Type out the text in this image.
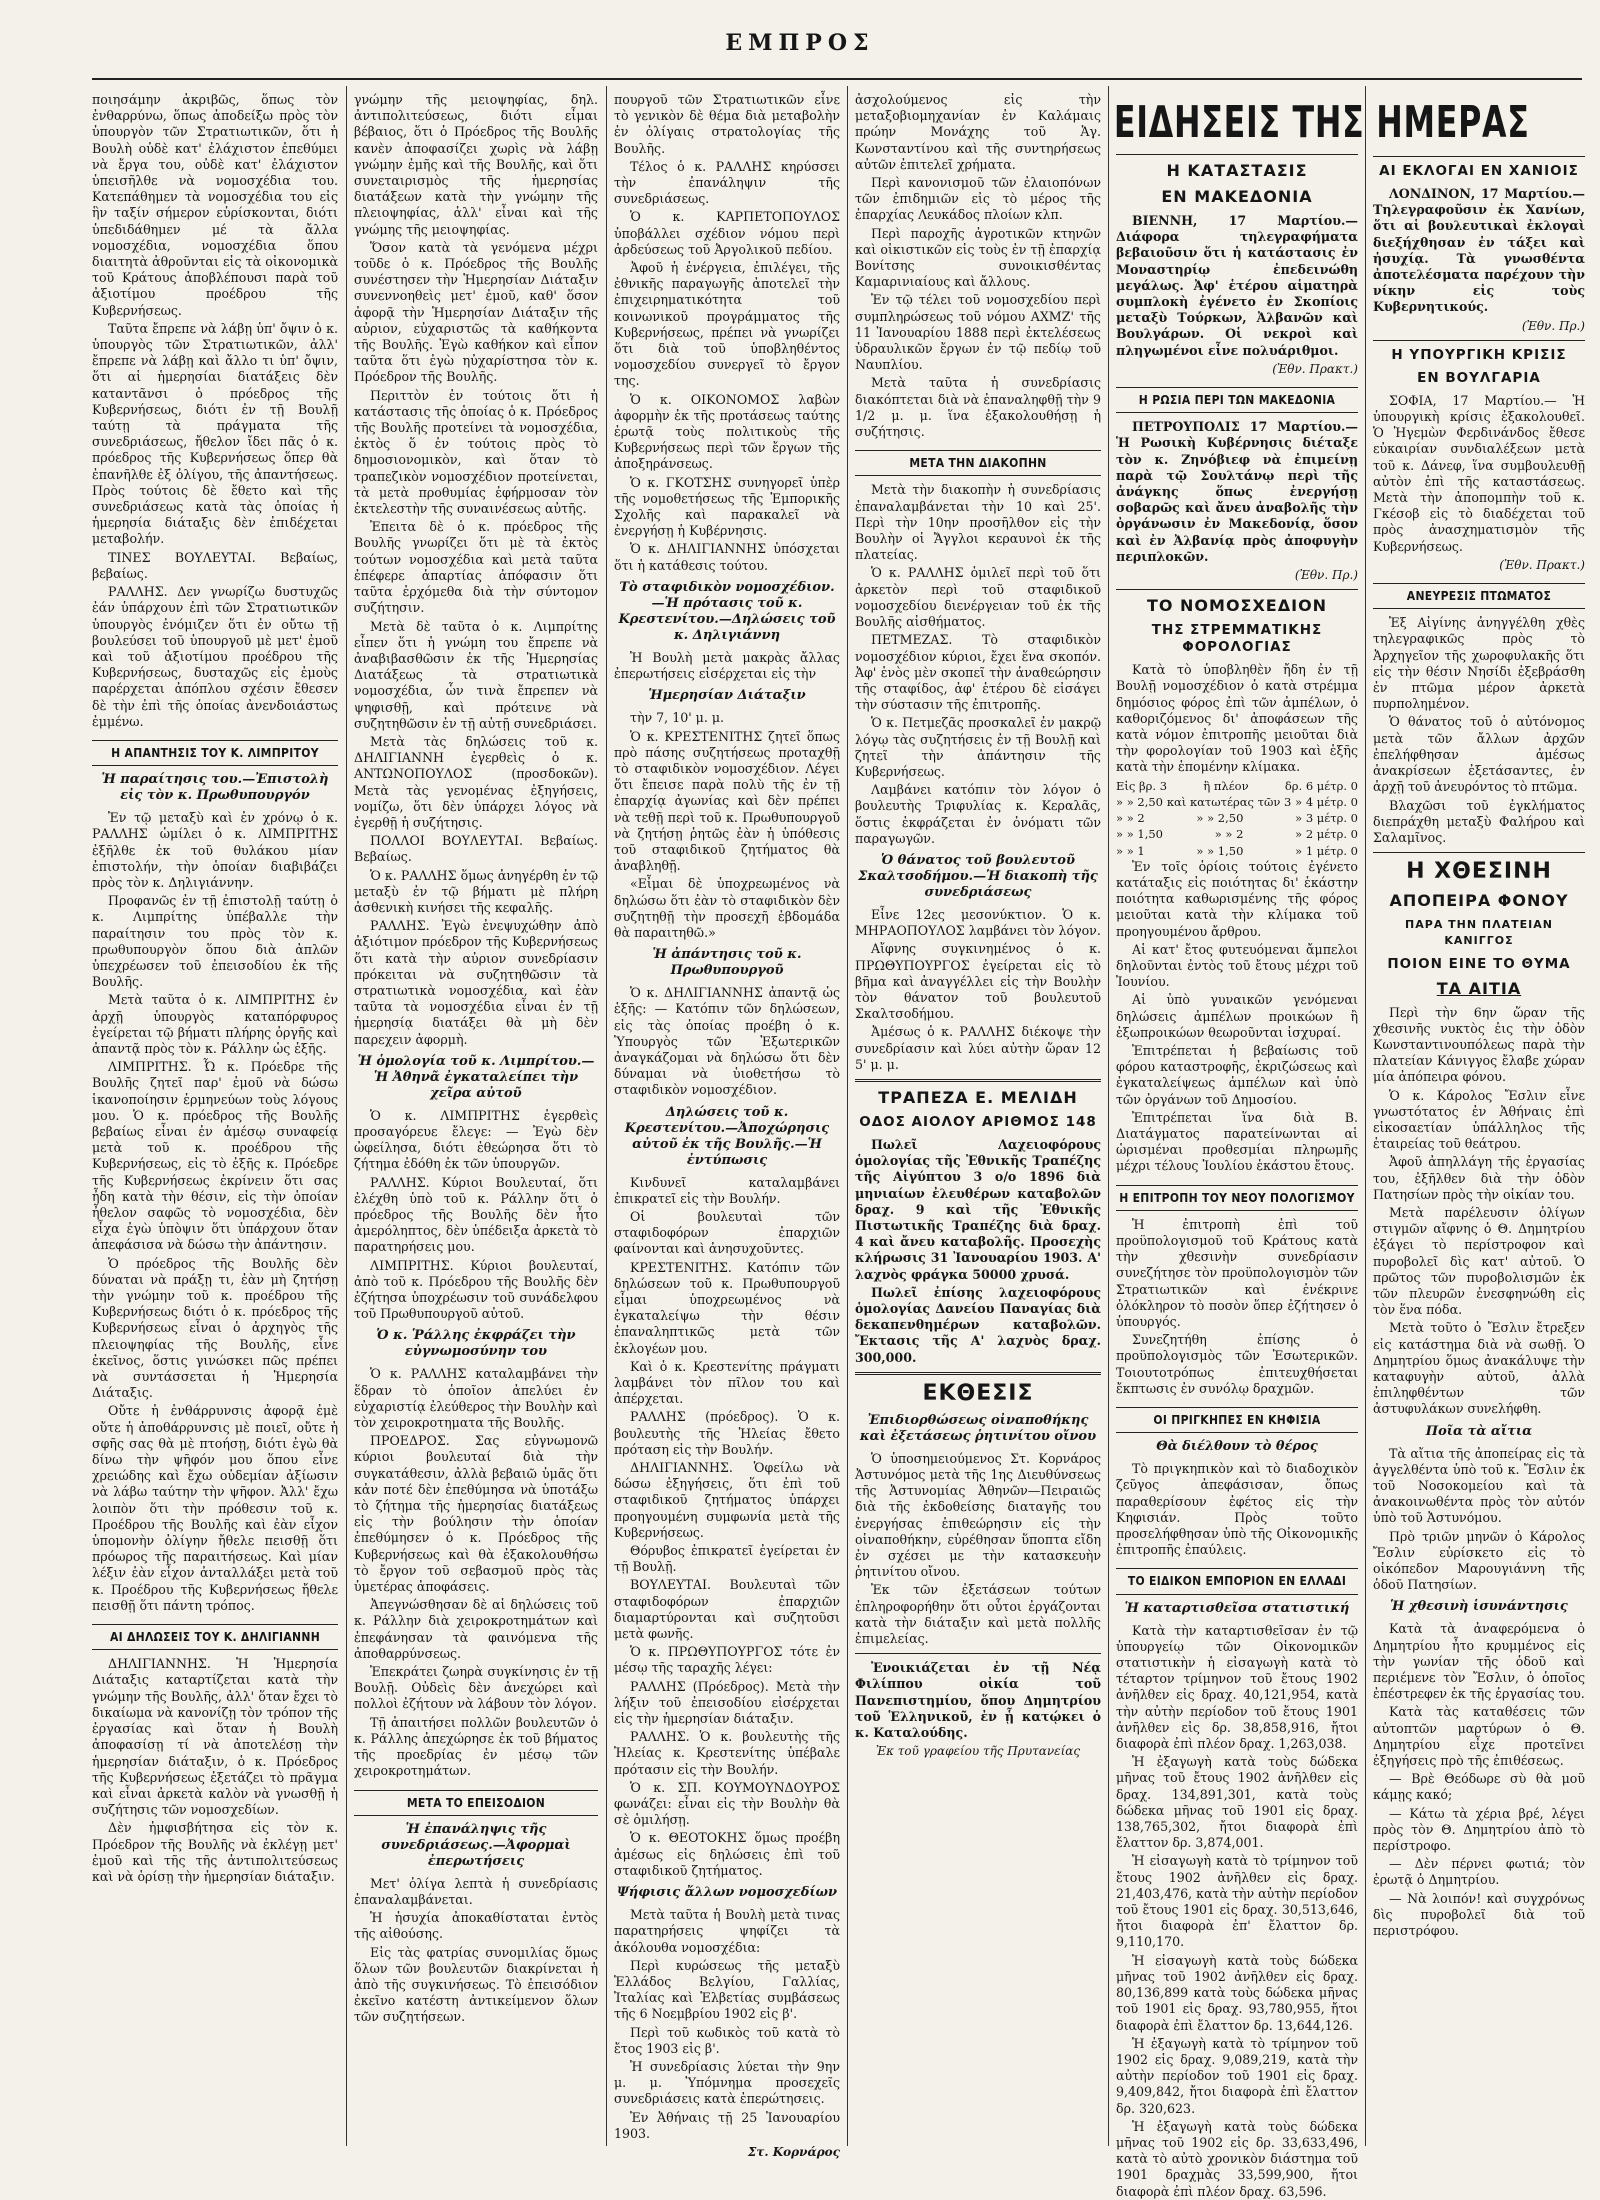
ΕΜΠΡΟΣ

ποιησάμην ἀκριβῶς, ὅπως τὸν ἐνθαρρύνω, ὅπως ἀποδείξω πρὸς τὸν ὑπουργὸν τῶν Στρατιωτικῶν, ὅτι ἡ Βουλὴ οὐδὲ κατ' ἐλάχιστον ἐπεθύμει νὰ ἔργα του, οὐδὲ κατ' ἐλάχιστον ὑπεισῆλθε νὰ νομοσχέδια του. Κατεπάθημεν τὰ νομοσχέδια του εἰς ἣν ταξίν σήμερον εὑρίσκονται, διότι ὑπεδιδάθημεν μέ τὰ ἄλλα νομοσχέδια, νομοσχέδια ὅπου διαιτητὰ ἀθροῦνται εἰς τὰ οἰκονομικὰ τοῦ Κράτους ἀποβλέπουσι παρὰ τοῦ ἀξιοτίμου προέδρου τῆς Κυβερνήσεως.

Ταῦτα ἔπρεπε νὰ λάβῃ ὑπ' ὄψιν ὁ κ. ὑπουργὸς τῶν Στρατιωτικῶν, ἀλλ' ἔπρεπε νὰ λάβῃ καὶ ἄλλο τι ὑπ' ὄψιν, ὅτι αἱ ἡμερησίαι διατάξεις δὲν καταντᾶνσι ὁ πρόεδρος τῆς Κυβερνήσεως, διότι ἐν τῇ Βουλῇ ταύτῃ τὰ πράγματα τῆς συνεδριάσεως, ἤθελον ἴδει πᾶς ὁ κ. πρόεδρος τῆς Κυβερνήσεως ὅπερ θὰ ἐπανῆλθε ἐξ ὀλίγου, τῆς ἀπαντήσεως. Πρὸς τούτοις δὲ ἔθετο καὶ τῆς συνεδριάσεως κατὰ τὰς ὁποίας ἡ ἡμερησία διάταξις δὲν ἐπιδέχεται μεταβολήν.

ΤΙΝΕΣ ΒΟΥΛΕΥΤΑΙ. Βεβαίως, βεβαίως.

ΡΑΛΛΗΣ. Δεν γνωρίζω δυστυχῶς ἐάν ὑπάρχουν ἐπὶ τῶν Στρατιωτικῶν ὑπουργὸς ἐνόμιζεν ὅτι ἐν οὔτω τῇ βουλεύσει τοῦ ὑπουργοῦ μὲ μετ' ἐμοῦ καὶ τοῦ ἀξιοτίμου προέδρου τῆς Κυβερνήσεως, δυσταχῶς εἰς ἐμοὺς παρέρχεται ἀπόπλου σχέσιν ἔθεσεν δὲ τὴν ἐπὶ τῆς ὁποίας ἀνενδοιάστως ἐμμένω.

Η ΑΠΑΝΤΗΣΙΣ ΤΟΥ Κ. ΛΙΜΠΡΙΤΟΥ
Ἡ παραίτησις του.—Ἐπιστολὴ εἰς τὸν κ. Πρωθυπουργόν

Ἐν τῷ μεταξὺ καὶ ἐν χρόνῳ ὁ κ. ΡΑΛΛΗΣ ὡμίλει ὁ κ. ΛΙΜΠΡΙΤΗΣ ἐξῆλθε ἐκ τοῦ θυλάκου μίαν ἐπιστολήν, τὴν ὁποίαν διαβιβάζει πρὸς τὸν κ. Δηλιγιάννην.

Προφανῶς ἐν τῇ ἐπιστολῇ ταύτῃ ὁ κ. Λιμπρίτης ὑπέβαλλε τὴν παραίτησιν του πρὸς τὸν κ. πρωθυπουργὸν ὅπου διὰ ἀπλῶν ὑπεχρέωσεν τοῦ ἐπεισοδίου ἐκ τῆς Βουλῆς.

Μετὰ ταῦτα ὁ κ. ΛΙΜΠΡΙΤΗΣ ἐν ἀρχῇ ὑπουργὸς καταπόρφυρος ἐγείρεται τῷ βήματι πλήρης ὀργῆς καὶ ἀπαντᾷ πρὸς τὸν κ. Ράλλην ὡς ἑξῆς.

ΛΙΜΠΡΙΤΗΣ. Ὦ κ. Πρόεδρε τῆς Βουλῆς ζητεῖ παρ' ἐμοῦ νὰ δώσω ἱκανοποίησιν ἑρμηνεύων τοὺς λόγους μου. Ὁ κ. πρόεδρος τῆς Βουλῆς βεβαίως εἶναι ἐν ἀμέσῳ συναφείᾳ μετὰ τοῦ κ. προέδρου τῆς Κυβερνήσεως, εἰς τὸ ἐξῆς κ. Πρόεδρε τῆς Κυβερνήσεως ἐκρίνειν ὅτι σας ἦδη κατὰ τὴν θέσιν, εἰς τὴν ὁποίαν ἦθελον σαφῶς τὸ νομοσχέδια, δὲν εἶχα ἐγὼ ὑπὸψιν ὅτι ὑπάρχουν ὅταν ἀπεφάσισα νὰ δώσω τὴν ἀπάντησιν.

Ὁ πρόεδρος τῆς Βουλῆς δὲν δύναται νὰ πράξῃ τι, ἐὰν μὴ ζητήσῃ τὴν γνώμην τοῦ κ. προέδρου τῆς Κυβερνήσεως διότι ὁ κ. πρόεδρος τῆς Κυβερνήσεως εἶναι ὁ ἀρχηγὸς τῆς πλειοψηφίας τῆς Βουλῆς, εἶνε ἐκεῖνος, ὅστις γινώσκει πῶς πρέπει νὰ συντάσσεται ἡ Ἡμερησία Διάταξις.

Οὔτε ἡ ἐνθάρρυνσις ἀφορᾷ ἐμὲ οὔτε ἡ ἀποθάρρυνσις μὲ ποιεῖ, οὔτε ἡ σφῆς σας θὰ μὲ πτοήσῃ, διότι ἐγὼ θὰ δίνω τὴν ψῆφόν μου ὅπου εἶνε χρειώδης καὶ ἔχω οὐδεμίαν ἀξίωσιν νὰ λάβω ταύτην τὴν ψῆφον. Ἀλλ' ἔχω λοιπὸν ὅτι τὴν πρόθεσιν τοῦ κ. Προέδρου τῆς Βουλῆς καὶ ἐὰν εἶχον ὑπομονὴν ὀλίγην ἤθελε πεισθῇ ὅτι πρόωρος τῆς παραιτήσεως. Καὶ μίαν λέξιν ἐὰν εἶχον ἀνταλλάξει μετὰ τοῦ κ. Προέδρου τῆς Κυβερνήσεως ἤθελε πεισθῇ ὅτι πάντη τρόπος.

ΑΙ ΔΗΛΩΣΕΙΣ ΤΟΥ Κ. ΔΗΛΙΓΙΑΝΝΗ

ΔΗΛΙΓΙΑΝΝΗΣ. Ἡ Ἡμερησία Διάταξις καταρτίζεται κατὰ τὴν γνώμην τῆς Βουλῆς, ἀλλ' ὅταν ἔχει τὸ δικαίωμα νὰ κανονίζῃ τὸν τρόπον τῆς ἐργασίας καὶ ὅταν ἡ Βουλὴ ἀποφασίσῃ τί νὰ ἀποτελέσῃ τὴν ἡμερησίαν διάταξιν, ὁ κ. Πρόεδρος τῆς Κυβερνήσεως ἐξετάζει τὸ πρᾶγμα καὶ εἶναι ἀρκετὰ καλὸν νὰ γνωσθῇ ἡ συζήτησις τῶν νομοσχεδίων.

Δὲν ἠμφισβήτησα εἰς τὸν κ. Πρόεδρον τῆς Βουλῆς νὰ ἐκλέγῃ μετ' ἐμοῦ καὶ τῆς τῆς ἀντιπολιτεύσεως καὶ νὰ ὁρίσῃ τὴν ἡμερησίαν διάταξιν.

γνώμην τῆς μειοψηφίας, δηλ. ἀντιπολιτεύσεως, διότι εἶμαι βέβαιος, ὅτι ὁ Πρόεδρος τῆς Βουλῆς κανὲν ἀποφασίζει χωρὶς νὰ λάβῃ γνώμην ἐμῆς καὶ τῆς Βουλῆς, καὶ ὅτι συνεταιρισμὸς τῆς ἡμερησίας διατάξεων κατὰ τὴν γνώμην τῆς πλειοψηφίας, ἀλλ' εἶναι καὶ τῆς γνώμης τῆς μειοψηφίας.

Ὅσον κατὰ τὰ γενόμενα μέχρι τοῦδε ὁ κ. Πρόεδρος τῆς Βουλῆς συνέστησεν τὴν Ἡμερησίαν Διάταξιν συνεννοηθεὶς μετ' ἐμοῦ, καθ' ὅσον ἀφορᾷ τὴν Ἡμερησίαν Διάταξιν τῆς αὐριον, εὐχαριστῶς τὰ καθήκοντα τῆς Βουλῆς. Ἐγὼ καθήκον καὶ εἶπον ταῦτα ὅτι ἐγὼ ηὐχαρίστησα τὸν κ. Πρόεδρον τῆς Βουλῆς.

Περιττὸν ἐν τούτοις ὅτι ἡ κατάστασις τῆς ὁποίας ὁ κ. Πρόεδρος τῆς Βουλῆς προτείνει τὰ νομοσχέδια, ἐκτὸς ὅ ἐν τούτοις πρὸς τὸ δημοσιονομικὸν, καὶ ὅταν τὸ τραπεζικὸν νομοσχέδιον προτείνεται, τὰ μετὰ προθυμίας ἐφήρμοσαν τὸν ἐκτελεστὴν τῆς συναινέσεως αὐτῆς.

Ἐπειτα δὲ ὁ κ. πρόεδρος τῆς Βουλῆς γνωρίζει ὅτι μὲ τὰ ἐκτὸς τούτων νομοσχέδια καὶ μετὰ ταῦτα ἐπέφερε ἀπαρτίας ἀπόφασιν ὅτι ταῦτα ἐρχόμεθα διὰ τὴν σύντομον συζήτησιν.

Μετὰ δὲ ταῦτα ὁ κ. Λιμπρίτης εἶπεν ὅτι ἡ γνώμη του ἔπρεπε νὰ ἀναβιβασθῶσιν ἐκ τῆς Ἡμερησίας Διατάξεως τὰ στρατιωτικὰ νομοσχέδια, ὧν τινὰ ἔπρεπεν νὰ ψηφισθῇ, καὶ πρότεινε νὰ συζητηθῶσιν ἐν τῇ αὐτῇ συνεδριάσει.

Μετὰ τὰς δηλώσεις τοῦ κ. ΔΗΛΙΓΙΑΝΝΗ ἐγερθεὶς ὁ κ. ΑΝΤΩΝΟΠΟΥΛΟΣ (προσδοκῶν). Μετὰ τὰς γενομένας ἐξηγήσεις, νομίζω, ὅτι δὲν ὑπάρχει λόγος νὰ ἐγερθῇ ἡ συζήτησις.

ΠΟΛΛΟΙ ΒΟΥΛΕΥΤΑΙ. Βεβαίως. Βεβαίως.

Ὁ κ. ΡΑΛΛΗΣ ὅμως ἀνηγέρθη ἐν τῷ μεταξὺ ἐν τῷ βήματι μὲ πλήρη ἀσθενικὴ κινήσει τῆς κεφαλῆς.

ΡΑΛΛΗΣ. Ἐγὼ ἐνεψυχώθην ἀπὸ ἀξιότιμον πρόεδρον τῆς Κυβερνήσεως ὅτι κατὰ τὴν αὐριον συνεδρίασιν πρόκειται νὰ συζητηθῶσιν τὰ στρατιωτικὰ νομοσχέδια, καὶ ἐὰν ταῦτα τὰ νομοσχέδια εἶναι ἐν τῇ ἡμερησίᾳ διατάξει θὰ μὴ δὲν παρεχειν ἀφορμὴ.

Ἡ ὁμολογία τοῦ κ. Λιμπρίτου.—Ἡ Ἀθηνᾶ ἐγκαταλείπει τὴν χεῖρα αὐτοῦ

Ὁ κ. ΛΙΜΠΡΙΤΗΣ ἐγερθεὶς προσαγόρευε ἔλεγε: — Ἐγὼ δὲν ὠφείλησα, διότι ἐθεώρησα ὅτι τὸ ζήτημα ἐδόθη ἐκ τῶν ὑπουργῶν.

ΡΑΛΛΗΣ. Κύριοι Βουλευταί, ὅτι ἐλέχθη ὑπὸ τοῦ κ. Ράλλην ὅτι ὁ πρόεδρος τῆς Βουλῆς δὲν ἦτο ἀμερόληπτος, δὲν ὑπέδειξα ἀρκετὰ τὸ παρατηρήσεις μου.

ΛΙΜΠΡΙΤΗΣ. Κύριοι βουλευταί, ἀπὸ τοῦ κ. Πρόεδρου τῆς Βουλῆς δὲν ἐζήτησα ὑποχρέωσιν τοῦ συνάδελφου τοῦ Πρωθυπουργοῦ αὐτοῦ.

Ὁ κ. Ῥάλλης ἐκφράζει τὴν εὐγνωμοσύνην του

Ὁ κ. ΡΑΛΛΗΣ καταλαμβάνει τὴν ἕδραν τὸ ὁποῖον ἀπελύει ἐν εὐχαριστίᾳ ἐλεύθερος τὴν Βουλὴν καὶ τὸν χειροκροτηματα τῆς Βουλῆς.

ΠΡΟΕΔΡΟΣ. Σας εὐγνωμονῶ κύριοι βουλευταί διὰ τὴν συγκατάθεσιν, ἀλλὰ βεβαιῶ ὑμᾶς ὅτι κἀν ποτέ δὲν ἐπεθύμησα νὰ ὑποτάξω τὸ ζήτημα τῆς ἡμερησίας διατάξεως εἰς τὴν βούλησιν τὴν ὁποίαν ἐπεθύμησεν ὁ κ. Πρόεδρος τῆς Κυβερνήσεως καὶ θὰ ἐξακολουθήσω τὸ ἔργον τοῦ σεβασμοῦ πρὸς τὰς ὑμετέρας ἀποφάσεις.

Ἀπεγνώσθησαν δὲ αἱ δηλώσεις τοῦ κ. Ράλλην διὰ χειροκροτημάτων καὶ ἐπεφάνησαν τὰ φαινόμενα τῆς ἀποθαρρύνσεως.

Ἐπεκράτει ζωηρὰ συγκίνησις ἐν τῇ Βουλῇ. Οὐδεὶς δὲν ἀνεχώρει καὶ πολλοὶ ἐζήτουν νὰ λάβουν τὸν λόγον.

Τῇ ἀπαιτήσει πολλῶν βουλευτῶν ὁ κ. Ράλλης ἀπεχώρησε ἐκ τοῦ βήματος τῆς προεδρίας ἐν μέσῳ τῶν χειροκροτημάτων.

ΜΕΤΑ ΤΟ ΕΠΕΙΣΟΔΙΟΝ
Ἡ ἐπανάληψις τῆς συνεδριάσεως.—Ἀφορμαὶ ἐπερωτήσεις

Μετ' ὀλίγα λεπτὰ ἡ συνεδρίασις ἐπαναλαμβάνεται.

Ἡ ἡσυχία ἀποκαθίσταται ἐντὸς τῆς αἰθούσης.

Εἰς τὰς φατρίας συνομιλίας ὅμως ὅλων τῶν βουλευτῶν διακρίνεται ἡ ἀπὸ τῆς συγκινήσεως. Τὸ ἐπεισόδιον ἐκεῖνο κατέστη ἀντικείμενον ὅλων τῶν συζητήσεων.

πουργοῦ τῶν Στρατιωτικῶν εἶνε τὸ γενικὸν δὲ θέμα διὰ μεταβολὴν ἐν ὀλίγαις στρατολογίας τῆς Βουλῆς.

Τέλος ὁ κ. ΡΑΛΛΗΣ κηρύσσει τὴν ἐπανάληψιν τῆς συνεδριάσεως.

Ὁ κ. ΚΑΡΠΕΤΟΠΟΥΛΟΣ ὑποβάλλει σχέδιον νόμου περὶ ἀρδεύσεως τοῦ Ἀργολικοῦ πεδίου.

Ἀφοῦ ἡ ἐνέργεια, ἐπιλέγει, τῆς ἐθνικῆς παραγωγῆς ἀποτελεῖ τὴν ἐπιχειρηματικότητα τοῦ κοινωνικοῦ προγράμματος τῆς Κυβερνήσεως, πρέπει νὰ γνωρίζει ὅτι διὰ τοῦ ὑποβληθέντος νομοσχεδίου συνεργεῖ τὸ ἔργον της.

Ὁ κ. ΟΙΚΟΝΟΜΟΣ λαβὼν ἀφορμὴν ἐκ τῆς προτάσεως ταύτης ἐρωτᾷ τοὺς πολιτικοὺς τῆς Κυβερνήσεως περὶ τῶν ἔργων τῆς ἀποξηράνσεως.

Ὁ κ. ΓΚΟΤΣΗΣ συνηγορεῖ ὑπὲρ τῆς νομοθετήσεως τῆς Ἐμπορικῆς Σχολῆς καὶ παρακαλεῖ νὰ ἐνεργήσῃ ἡ Κυβέρνησις.

Ὁ κ. ΔΗΛΙΓΙΑΝΝΗΣ ὑπόσχεται ὅτι ἡ κατάθεσις τούτου.

Τὸ σταφιδικὸν νομοσχέδιον.—Ἡ πρότασις τοῦ κ. Κρεστενίτου.—Δηλώσεις τοῦ κ. Δηλιγιάννη

Ἡ Βουλὴ μετὰ μακρὰς ἄλλας ἐπερωτήσεις εἰσέρχεται εἰς τὴν

Ἡμερησίαν Διάταξιν

τὴν 7, 10' μ. μ.

Ὁ κ. ΚΡΕΣΤΕΝΙΤΗΣ ζητεῖ ὅπως πρὸ πάσης συζητήσεως προταχθῇ τὸ σταφιδικὸν νομοσχέδιον. Λέγει ὅτι ἔπεισε παρὰ πολὺ τῆς ἐν τῇ ἐπαρχίᾳ ἀγωνίας καὶ δὲν πρέπει νὰ τεθῇ περὶ τοῦ κ. Πρωθυπουργοῦ νὰ ζητήσῃ ῥητῶς ἐὰν ἡ ὑπόθεσις τοῦ σταφιδικοῦ ζητήματος θὰ ἀναβληθῇ.

«Εἶμαι δὲ ὑποχρεωμένος νὰ δηλώσω ὅτι ἐὰν τὸ σταφιδικὸν δὲν συζητηθῇ τὴν προσεχῆ ἑβδομάδα θὰ παραιτηθῶ.»

Ἡ ἀπάντησις τοῦ κ. Πρωθυπουργοῦ

Ὁ κ. ΔΗΛΙΓΙΑΝΝΗΣ ἀπαντᾷ ὡς ἑξῆς: — Κατόπιν τῶν δηλώσεων, εἰς τὰς ὁποίας προέβη ὁ κ. Ὑπουργὸς τῶν Ἐξωτερικῶν ἀναγκάζομαι νὰ δηλώσω ὅτι δὲν δύναμαι νὰ ὑιοθετήσω τὸ σταφιδικὸν νομοσχέδιον.

Δηλώσεις τοῦ κ. Κρεστενίτου.—Ἀποχώρησις αὐτοῦ ἐκ τῆς Βουλῆς.—Ἡ ἐντύπωσις

Κινδυνεῖ καταλαμβάνει ἐπικρατεῖ εἰς τὴν Βουλήν.

Οἱ βουλευταὶ τῶν σταφιδοφόρων ἐπαρχιῶν φαίνονται καὶ ἀνησυχοῦντες.

ΚΡΕΣΤΕΝΙΤΗΣ. Κατόπιν τῶν δηλώσεων τοῦ κ. Πρωθυπουργοῦ εἶμαι ὑποχρεωμένος νὰ ἐγκαταλείψω τὴν θέσιν ἐπαναληπτικῶς μετὰ τῶν ἐκλογέων μου.

Καὶ ὁ κ. Κρεστενίτης πράγματι λαμβάνει τὸν πῖλον του καὶ ἀπέρχεται.

ΡΑΛΛΗΣ (πρόεδρος). Ὁ κ. βουλευτὴς τῆς Ἠλείας ἔθετο πρόταση εἰς τὴν Βουλήν.

ΔΗΛΙΓΙΑΝΝΗΣ. Ὁφείλω νὰ δώσω ἐξηγήσεις, ὅτι ἐπὶ τοῦ σταφιδικοῦ ζητήματος ὑπάρχει προηγουμένη συμφωνία μετὰ τῆς Κυβερνήσεως.

Θόρυβος ἐπικρατεῖ ἐγείρεται ἐν τῇ Βουλῇ.

ΒΟΥΛΕΥΤΑΙ. Βουλευταὶ τῶν σταφιδοφόρων ἐπαρχιῶν διαμαρτύρονται καὶ συζητοῦσι μετὰ φωνῆς.

Ὁ κ. ΠΡΩΘΥΠΟΥΡΓΟΣ τότε ἐν μέσῳ τῆς ταραχῆς λέγει:

ΡΑΛΛΗΣ (Πρόεδρος). Μετὰ τὴν λήξιν τοῦ ἐπεισοδίου εἰσέρχεται εἰς τὴν ἡμερησίαν διάταξιν.

ΡΑΛΛΗΣ. Ὁ κ. βουλευτὴς τῆς Ἠλείας κ. Κρεστενίτης ὑπέβαλε πρότασιν εἰς τὴν Βουλήν.

Ὁ κ. ΣΠ. ΚΟΥΜΟΥΝΔΟΥΡΟΣ φωνάζει: εἶναι εἰς τὴν Βουλὴν θὰ σὲ ὁμιλήσῃ.

Ὁ κ. ΘΕΟΤΟΚΗΣ ὅμως προέβη ἀμέσως εἰς δηλώσεις ἐπὶ τοῦ σταφιδικοῦ ζητήματος.

Ψήφισις ἄλλων νομοσχεδίων

Μετὰ ταῦτα ἡ Βουλὴ μετὰ τινας παρατηρήσεις ψηφίζει τὰ ἀκόλουθα νομοσχέδια:

Περὶ κυρώσεως τῆς μεταξὺ Ἑλλάδος Βελγίου, Γαλλίας, Ἰταλίας καὶ Ἑλβετίας συμβάσεως τῆς 6 Νοεμβρίου 1902 εἰς β'.

Περὶ τοῦ κωδικὸς τοῦ κατὰ τὸ ἔτος 1903 εἰς β'.

Ἡ συνεδρίασις λύεται τὴν 9ην μ. μ. Ὑπόμνημα προσεχεῖς συνεδριάσεις κατὰ ἐπερώτησεις.

Ἐν Ἀθήναις τῇ 25 Ἰανουαρίου 1903.

Στ. Κορνάρος

ἀσχολούμενος εἰς τὴν μεταξοβιομηχανίαν ἐν Καλάμαις πρώην Μονάχης τοῦ Ἁγ. Κωνσταντίνου καὶ τῆς συντηρήσεως αὐτῶν ἐπιτελεῖ χρήματα.

Περὶ κανονισμοῦ τῶν ἐλαιοπόνων τῶν ἐπιδημιῶν εἰς τὸ μέρος τῆς ἐπαρχίας Λευκάδος πλοίων κλπ.

Περὶ παροχῆς ἀγροτικῶν κτηνῶν καὶ οἰκιστικῶν εἰς τοὺς ἐν τῇ ἐπαρχίᾳ Βονίτσης συνοικισθέντας Καμαρινιαίους καὶ ἄλλους.

Ἐν τῷ τέλει τοῦ νομοσχεδίου περὶ συμπληρώσεως τοῦ νόμου ΑΧΜΖ' τῆς 11 Ἰανουαρίου 1888 περὶ ἐκτελέσεως ὑδραυλικῶν ἔργων ἐν τῷ πεδίῳ τοῦ Ναυπλίου.

Μετὰ ταῦτα ἡ συνεδρίασις διακόπτεται διὰ νὰ ἐπαναληφθῇ τὴν 9 1/2 μ. μ. ἵνα ἐξακολουθήσῃ ἡ συζήτησις.

ΜΕΤΑ ΤΗΝ ΔΙΑΚΟΠΗΝ

Μετὰ τὴν διακοπὴν ἡ συνεδρίασις ἐπαναλαμβάνεται τὴν 10 καὶ 25'. Περὶ τὴν 10ην προσῆλθον εἰς τὴν Βουλὴν οἱ Ἄγγλοι κεραυνοὶ ἐκ τῆς πλατείας.

Ὁ κ. ΡΑΛΛΗΣ ὁμιλεῖ περὶ τοῦ ὅτι ἀρκετὸν περὶ τοῦ σταφιδικοῦ νομοσχεδίου διενέργειαν τοῦ ἐκ τῆς Βουλῆς αἰσθήματος.

ΠΕΤΜΕΖΑΣ. Τὸ σταφιδικὸν νομοσχέδιον κύριοι, ἔχει ἕνα σκοπόν. Ἀφ' ἑνὸς μὲν σκοπεῖ τὴν ἀναθεώρησιν τῆς σταφίδος, ἀφ' ἑτέρου δὲ εἰσάγει τὴν σύστασιν τῆς ἐπιτροπῆς.

Ὁ κ. Πετμεζᾶς προσκαλεῖ ἐν μακρῷ λόγῳ τὰς συζητήσεις ἐν τῇ Βουλῇ καὶ ζητεῖ τὴν ἀπάντησιν τῆς Κυβερνήσεως.

Λαμβάνει κατόπιν τὸν λόγον ὁ βουλευτὴς Τριφυλίας κ. Κεραλᾶς, ὅστις ἐκφράζεται ἐν ὀνόματι τῶν παραγωγῶν.

Ὁ θάνατος τοῦ βουλευτοῦ Σκαλτσοδήμου.—Ἡ διακοπὴ τῆς συνεδριάσεως

Εἶνε 12ες μεσονύκτιον. Ὁ κ. ΜΗΡΑΟΠΟΥΛΟΣ λαμβάνει τὸν λόγον.

Αἴφνης συγκινημένος ὁ κ. ΠΡΩΘΥΠΟΥΡΓΟΣ ἐγείρεται εἰς τὸ βῆμα καὶ ἀναγγέλλει εἰς τὴν Βουλὴν τὸν θάνατον τοῦ βουλευτοῦ Σκαλτσοδήμου.

Ἀμέσως ὁ κ. ΡΑΛΛΗΣ διέκοψε τὴν συνεδρίασιν καὶ λύει αὐτὴν ὥραν 12 5' μ. μ.

ΤΡΑΠΕΖΑ Ε. ΜΕΛΙΔΗ
ΟΔΟΣ ΑΙΟΛΟΥ ΑΡΙΘΜΟΣ 148

Πωλεῖ Λαχειοφόρους ὁμολογίας τῆς Ἐθνικῆς Τραπέζης τῆς Αἰγύπτου 3 ο/ο 1896 διὰ μηνιαίων ἐλευθέρων καταβολῶν δραχ. 9 καὶ τῆς Ἐθνικῆς Πιστωτικῆς Τραπέζης διὰ δραχ. 4 καὶ ἄνευ καταβολῆς. Προσεχὴς κλήρωσις 31 Ἰανουαρίου 1903. Α' λαχνὸς φράγκα 50000 χρυσά.

Πωλεῖ ἐπίσης λαχειοφόρους ὁμολογίας Δανείου Παναγίας διὰ δεκαπενθημέρων καταβολῶν. Ἔκτασις τῆς Α' λαχνὸς δραχ. 300,000.

ΕΚΘΕΣΙΣ
Ἐπιδιορθώσεως οἰναποθήκης καὶ ἐξετάσεως ῥητινίτου οἴνου

Ὁ ὑποσημειούμενος Στ. Κορνάρος Ἀστυνόμος μετὰ τῆς 1ης Διευθύνσεως τῆς Ἀστυνομίας Ἀθηνῶν—Πειραιῶς διὰ τῆς ἐκδοθείσης διαταγῆς του ἐνεργήσας ἐπιθεώρησιν εἰς τὴν οἰναποθήκην, εὑρέθησαν ὕποπτα εἴδη ἐν σχέσει με τὴν κατασκευὴν ῥητινίτου οἴνου.

Ἐκ τῶν ἐξετάσεων τούτων ἐπληροφορήθην ὅτι οὗτοι ἐργάζονται κατὰ τὴν διάταξιν καὶ μετὰ πολλῆς ἐπιμελείας.

Ἐνοικιάζεται ἐν τῇ Νέᾳ Φιλίππου οἰκία τοῦ Πανεπιστημίου, ὅπου Δημητρίου τοῦ Ἑλληνικοῦ, ἐν ᾗ κατῴκει ὁ κ. Καταλούδης.

Ἐκ τοῦ γραφείου τῆς Πρυτανείας
ΕΙΔΗΣΕΙΣ ΤΗΣ ΗΜΕΡΑΣ
Η ΚΑΤΑΣΤΑΣΙΣ
ΕΝ ΜΑΚΕΔΟΝΙΑ

ΒΙΕΝΝΗ, 17 Μαρτίου.— Διάφορα τηλεγραφήματα βεβαιοῦσιν ὅτι ἡ κατάστασις ἐν Μοναστηρίῳ ἐπεδεινώθη μεγάλως. Ἀφ' ἑτέρου αἱματηρὰ συμπλοκὴ ἐγένετο ἐν Σκοπίοις μεταξὺ Τούρκων, Ἀλβανῶν καὶ Βουλγάρων. Οἱ νεκροὶ καὶ πληγωμένοι εἶνε πολυάριθμοι.

(Ἐθν. Πρακτ.)
Η ΡΩΣΙΑ ΠΕΡΙ ΤΩΝ ΜΑΚΕΔΟΝΙΑ

ΠΕΤΡΟΥΠΟΛΙΣ 17 Μαρτίου.— Ἡ Ρωσικὴ Κυβέρνησις διέταξε τὸν κ. Ζηνόβιεφ νὰ ἐπιμείνῃ παρὰ τῷ Σουλτάνῳ περὶ τῆς ἀνάγκης ὅπως ἐνεργήσῃ σοβαρῶς καὶ ἄνευ ἀναβολῆς τὴν ὀργάνωσιν ἐν Μακεδονίᾳ, ὅσον καὶ ἐν Ἀλβανίᾳ πρὸς ἀποφυγὴν περιπλοκῶν.

(Ἐθν. Πρ.)
ΤΟ ΝΟΜΟΣΧΕΔΙΟΝ
ΤΗΣ ΣΤΡΕΜΜΑΤΙΚΗΣ ΦΟΡΟΛΟΓΙΑΣ

Κατὰ τὸ ὑποβληθὲν ἤδη ἐν τῇ Βουλῇ νομοσχέδιον ὁ κατὰ στρέμμα δημόσιος φόρος ἐπὶ τῶν ἀμπέλων, ὁ καθοριζόμενος δι' ἀποφάσεων τῆς κατὰ νόμον ἐπιτροπῆς μειοῦται διὰ τὴν φορολογίαν τοῦ 1903 καὶ ἑξῆς κατὰ τὴν ἑπομένην κλίμακα.

Εἰς βρ. 3	ἢ πλέον	δρ. 6 μέτρ. 0
» » 2,50 καὶ κατωτέρας τῶν 3 » 4 μέτρ. 0
» » 2	» » 2,50	» 3 μέτρ. 0
» » 1,50	» » 2	» 2 μέτρ. 0
» » 1	» » 1,50	» 1 μέτρ. 0

Ἐν τοῖς ὁρίοις τούτοις ἐγένετο κατάταξις εἰς ποιότητας δι' ἑκάστην ποιότητα καθωρισμένης τῆς φόρος μειοῦται κατὰ τὴν κλίμακα τοῦ προηγουμένου ἄρθρου.

Αἱ κατ' ἔτος φυτευόμεναι ἄμπελοι δηλοῦνται ἐντὸς τοῦ ἔτους μέχρι τοῦ Ἰουνίου.

Αἱ ὑπὸ γυναικῶν γενόμεναι δηλώσεις ἀμπέλων προικώων ἢ ἐξωπροικώων θεωροῦνται ἰσχυραί.

Ἐπιτρέπεται ἡ βεβαίωσις τοῦ φόρου καταστροφῆς, ἐκριζώσεως καὶ ἐγκαταλείψεως ἀμπέλων καὶ ὑπὸ τῶν ὀργάνων τοῦ Δημοσίου.

Ἐπιτρέπεται ἵνα διὰ Β. Διατάγματος παρατείνωνται αἱ ὡρισμέναι προθεσμίαι πληρωμῆς μέχρι τέλους Ἰουλίου ἑκάστου ἔτους.

Η ΕΠΙΤΡΟΠΗ ΤΟΥ ΝΕΟΥ ΠΟΛΟΓΙΣΜΟΥ

Ἡ ἐπιτροπὴ ἐπὶ τοῦ προϋπολογισμοῦ τοῦ Κράτους κατὰ τὴν χθεσινὴν συνεδρίασιν συνεζήτησε τὸν προϋπολογισμὸν τῶν Στρατιωτικῶν καὶ ἐνέκρινε ὁλόκληρον τὸ ποσὸν ὅπερ ἐζήτησεν ὁ ὑπουργός.

Συνεζητήθη ἐπίσης ὁ προϋπολογισμὸς τῶν Ἐσωτερικῶν. Τοιουτοτρόπως ἐπιτευχθήσεται ἔκπτωσις ἐν συνόλῳ δραχμῶν.

ΟΙ ΠΡΙΓΚΗΠΕΣ ΕΝ ΚΗΦΙΣΙΑ
Θὰ διέλθουν τὸ θέρος

Τὸ πριγκηπικὸν καὶ τὸ διαδοχικὸν ζεῦγος ἀπεφάσισαν, ὅπως παραθερίσουν ἐφέτος εἰς τὴν Κηφισιάν. Πρὸς τοῦτο προσελήφθησαν ὑπὸ τῆς Οἰκονομικῆς ἐπιτροπῆς ἐπαύλεις.

ΤΟ ΕΙΔΙΚΟΝ ΕΜΠΟΡΙΟΝ ΕΝ ΕΛΛΑΔΙ
Ἡ καταρτισθεῖσα στατιστική

Κατὰ τὴν καταρτισθεῖσαν ἐν τῷ ὑπουργείῳ τῶν Οἰκονομικῶν στατιστικὴν ἡ εἰσαγωγὴ κατὰ τὸ τέταρτον τρίμηνον τοῦ ἔτους 1902 ἀνῆλθεν εἰς δραχ. 40,121,954, κατὰ τὴν αὐτὴν περίοδον τοῦ ἔτους 1901 ἀνῆλθεν εἰς δρ. 38,858,916, ἤτοι διαφορὰ ἐπὶ πλέον δραχ. 1,263,038.

Ἡ ἐξαγωγὴ κατὰ τοὺς δώδεκα μῆνας τοῦ ἔτους 1902 ἀνῆλθεν εἰς δραχ. 134,891,301, κατὰ τοὺς δώδεκα μῆνας τοῦ 1901 εἰς δραχ. 138,765,302, ἤτοι διαφορὰ ἐπὶ ἔλαττον δρ. 3,874,001.

Ἡ εἰσαγωγὴ κατὰ τὸ τρίμηνον τοῦ ἔτους 1902 ἀνῆλθεν εἰς δραχ. 21,403,476, κατὰ τὴν αὐτὴν περίοδον τοῦ ἔτους 1901 εἰς δραχ. 30,513,646, ἤτοι διαφορὰ ἐπ' ἔλαττον δρ. 9,110,170.

Ἡ εἰσαγωγὴ κατὰ τοὺς δώδεκα μῆνας τοῦ 1902 ἀνῆλθεν εἰς δραχ. 80,136,899 κατὰ τοὺς δώδεκα μῆνας τοῦ 1901 εἰς δραχ. 93,780,955, ἤτοι διαφορὰ ἐπὶ ἔλαττον δρ. 13,644,126.

Ἡ ἐξαγωγὴ κατὰ τὸ τρίμηνον τοῦ 1902 εἰς δραχ. 9,089,219, κατὰ τὴν αὐτὴν περίοδον τοῦ 1901 εἰς δραχ. 9,409,842, ἤτοι διαφορὰ ἐπὶ ἔλαττον δρ. 320,623.

Ἡ ἐξαγωγὴ κατὰ τοὺς δώδεκα μῆνας τοῦ 1902 εἰς δρ. 33,633,496, κατὰ τὸ αὐτὸ χρονικὸν διάστημα τοῦ 1901 δραχμὰς 33,599,900, ἤτοι διαφορὰ ἐπὶ πλέον δραχ. 63,596.

ΑΙ ΕΚΛΟΓΑΙ ΕΝ ΧΑΝΙΟΙΣ

ΛΟΝΔΙΝΟΝ, 17 Μαρτίου.— Τηλεγραφοῦσιν ἐκ Χανίων, ὅτι αἱ βουλευτικαὶ ἐκλογαὶ διεξήχθησαν ἐν τάξει καὶ ἡσυχίᾳ. Τὰ γνωσθέντα ἀποτελέσματα παρέχουν τὴν νίκην εἰς τοὺς Κυβερνητικούς.

(Ἐθν. Πρ.)
Η ΥΠΟΥΡΓΙΚΗ ΚΡΙΣΙΣ
ΕΝ ΒΟΥΛΓΑΡΙΑ

ΣΟΦΙΑ, 17 Μαρτίου.— Ἡ ὑπουργικὴ κρίσις ἐξακολουθεῖ. Ὁ Ἡγεμὼν Φερδινάνδος ἔθεσε εὐκαιρίαν συνδιαλέξεων μετὰ τοῦ κ. Δάνεφ, ἵνα συμβουλευθῇ αὐτὸν ἐπὶ τῆς καταστάσεως. Μετὰ τὴν ἀποπομπὴν τοῦ κ. Γκέσοβ εἰς τὸ διαδέχεται τοῦ πρὸς ἀνασχηματισμὸν τῆς Κυβερνήσεως.

(Ἐθν. Πρακτ.)
ΑΝΕΥΡΕΣΙΣ ΠΤΩΜΑΤΟΣ

Ἐξ Αἰγίνης ἀνηγγέλθη χθὲς τηλεγραφικῶς πρὸς τὸ Ἀρχηγεῖον τῆς χωροφυλακῆς ὅτι εἰς τὴν θέσιν Νησίδι ἐξεβράσθη ἐν πτῶμα μέρον ἀρκετὰ πυρπολημένον.

Ὁ θάνατος τοῦ ὁ αὐτόνομος μετὰ τῶν ἄλλων ἀρχῶν ἐπελήφθησαν ἀμέσως ἀνακρίσεων ἐξετάσαντες, ἐν ἀρχῇ τοῦ ἀνευρόντος τὸ πτῶμα.

Βλαχῶσι τοῦ ἐγκλήματος διεπράχθη μεταξὺ Φαλήρου καὶ Σαλαμῖνος.

Η ΧΘΕΣΙΝΗ
ΑΠΟΠΕΙΡΑ ΦΟΝΟΥ
ΠΑΡΑ ΤΗΝ ΠΛΑΤΕΙΑΝ ΚΑΝΙΓΓΟΣ
ΠΟΙΟΝ ΕΙΝΕ ΤΟ ΘΥΜΑ
ΤΑ ΑΙΤΙΑ

Περὶ τὴν 6ην ὥραν τῆς χθεσινῆς νυκτὸς ἐις τὴν ὁδὸν Κωνσταντινουπόλεως παρὰ τὴν πλατείαν Κάνιγγος ἔλαβε χώραν μία ἀπόπειρα φόνου.

Ὁ κ. Κάρολος Ἔσλιν εἶνε γνωστότατος ἐν Ἀθήναις ἐπὶ εἰκοσαετίαν ὑπάλληλος τῆς ἑταιρείας τοῦ θεάτρου.

Ἀφοῦ ἀπηλλάγη τῆς ἐργασίας του, ἐξῆλθεν διὰ τὴν ὁδὸν Πατησίων πρὸς τὴν οἰκίαν του.

Μετὰ παρέλευσιν ὀλίγων στιγμῶν αἴφνης ὁ Θ. Δημητρίου ἐξάγει τὸ περίστροφον καὶ πυροβολεῖ δὶς κατ' αὐτοῦ. Ὁ πρῶτος τῶν πυροβολισμῶν ἐκ τῶν πλευρῶν ἐνεσφηνώθη εἰς τὸν ἕνα πόδα.

Μετὰ τοῦτο ὁ Ἔσλιν ἔτρεξεν εἰς κατάστημα διὰ νὰ σωθῇ. Ὁ Δημητρίου ὅμως ἀνακάλυψε τὴν καταφυγὴν αὐτοῦ, ἀλλὰ ἐπιληφθέντων τῶν ἀστυφυλάκων συνελήφθη.

Ποῖα τὰ αἴτια

Τὰ αἴτια τῆς ἀποπείρας εἰς τὰ ἀγγελθέντα ὑπὸ τοῦ κ. Ἔσλιν ἐκ τοῦ Νοσοκομείου καὶ τὰ ἀνακοινωθέντα πρὸς τὸν αὐτόν ὑπὸ τοῦ Ἀστυνόμου.

Πρὸ τριῶν μηνῶν ὁ Κάρολος Ἔσλιν εὑρίσκετο εἰς τὸ οἰκόπεδον Μαρουγιάννη τῆς ὁδοῦ Πατησίων.

Ἡ χθεσινὴ ἱσυνάντησις

Κατὰ τὰ ἀναφερόμενα ὁ Δημητρίου ἦτο κρυμμένος εἰς τὴν γωνίαν τῆς ὁδοῦ καὶ περιέμενε τὸν Ἔσλιν, ὁ ὁποῖος ἐπέστρεφεν ἐκ τῆς ἐργασίας του.

Κατὰ τὰς καταθέσεις τῶν αὐτοπτῶν μαρτύρων ὁ Θ. Δημητρίου εἶχε προτεῖνει ἐξηγήσεις πρὸ τῆς ἐπιθέσεως.

— Βρὲ Θεόδωρε σὺ θὰ μοῦ κάμῃς κακό;

— Κάτω τὰ χέρια βρέ, λέγει πρὸς τὸν Θ. Δημητρίου ἀπὸ τὸ περίστροφο.

— Δὲν πέρνει φωτιά; τὸν ἐρωτᾷ ὁ Δημητρίου.

— Νὰ λοιπόν! καὶ συγχρόνως δὶς πυροβολεῖ διὰ τοῦ περιστρόφου.
